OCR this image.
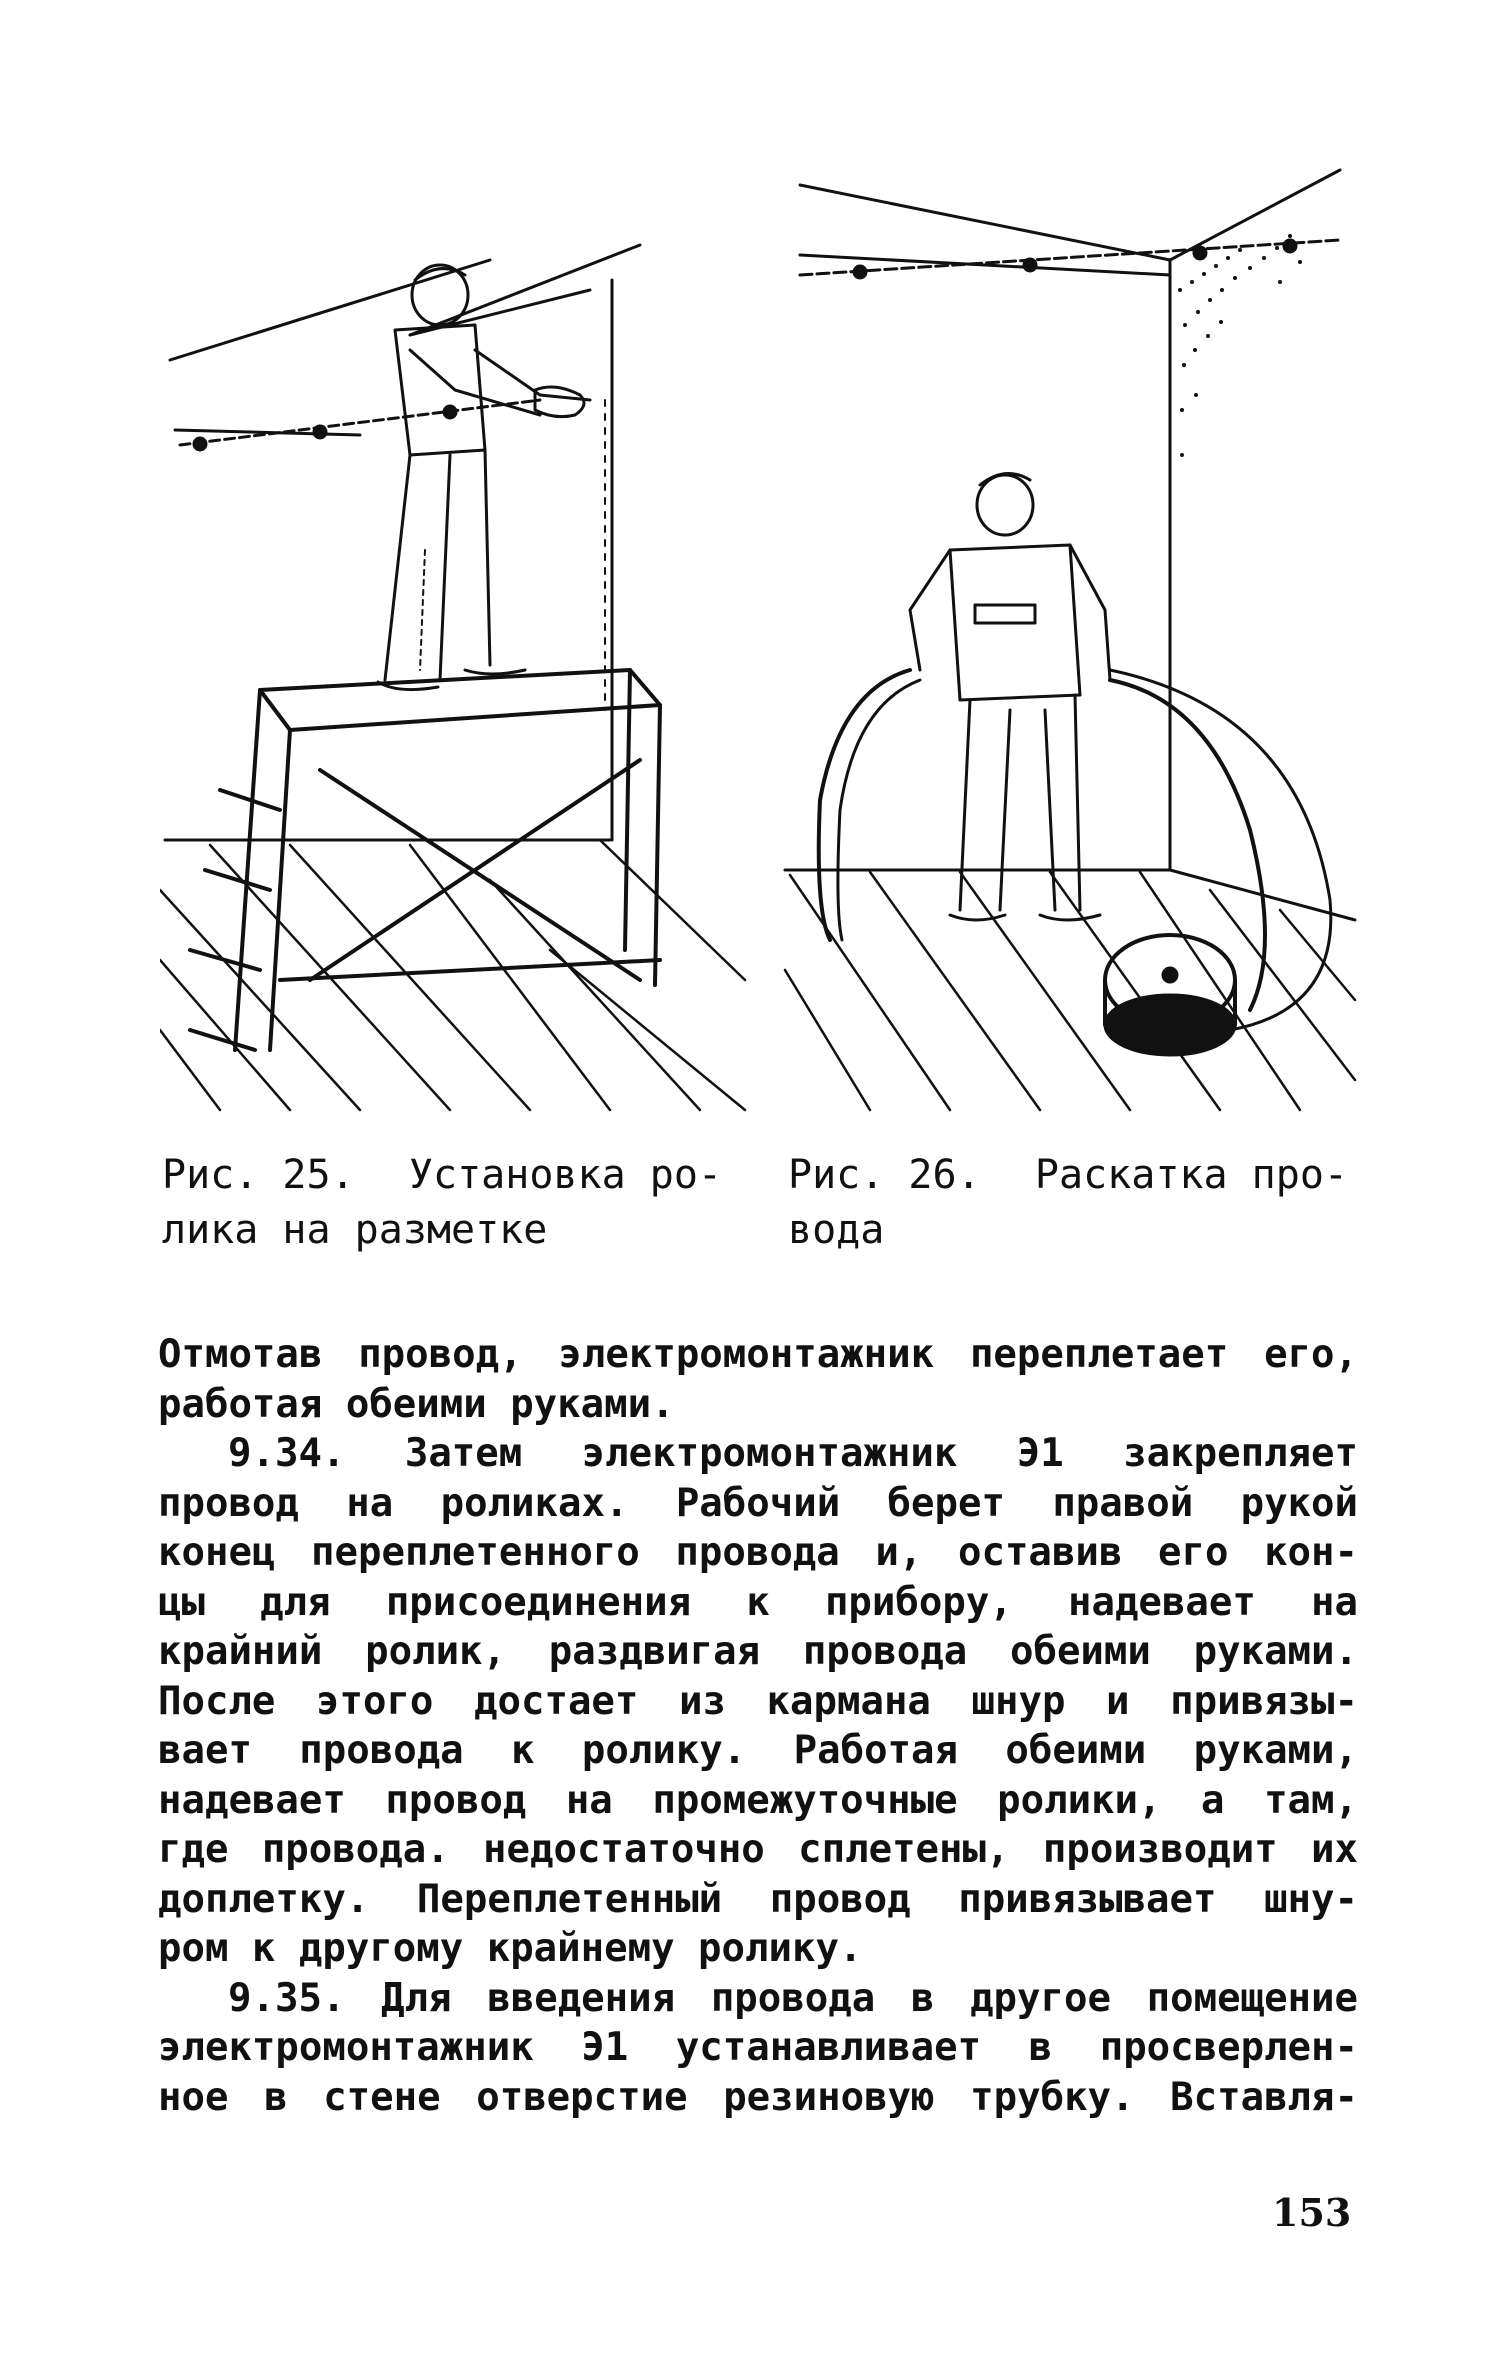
Рис. 25. Установка ро-
лика на разметке
Рис. 26. Раскатка про-
вода
Отмотав провод, электромонтажник переплетает его,
работая обеими руками.
9.34. Затем электромонтажник Э1 закрепляет
провод на роликах. Рабочий берет правой рукой
конец переплетенного провода и, оставив его кон-
цы для присоединения к прибору, надевает на
крайний ролик, раздвигая провода обеими руками.
После этого достает из кармана шнур и привязы-
вает провода к ролику. Работая обеими руками,
надевает провод на промежуточные ролики, а там,
где провода. недостаточно сплетены, производит их
доплетку. Переплетенный провод привязывает шну-
ром к другому крайнему ролику.
9.35. Для введения провода в другое помещение
электромонтажник Э1 устанавливает в просверлен-
ное в стене отверстие резиновую трубку. Вставля-
153
